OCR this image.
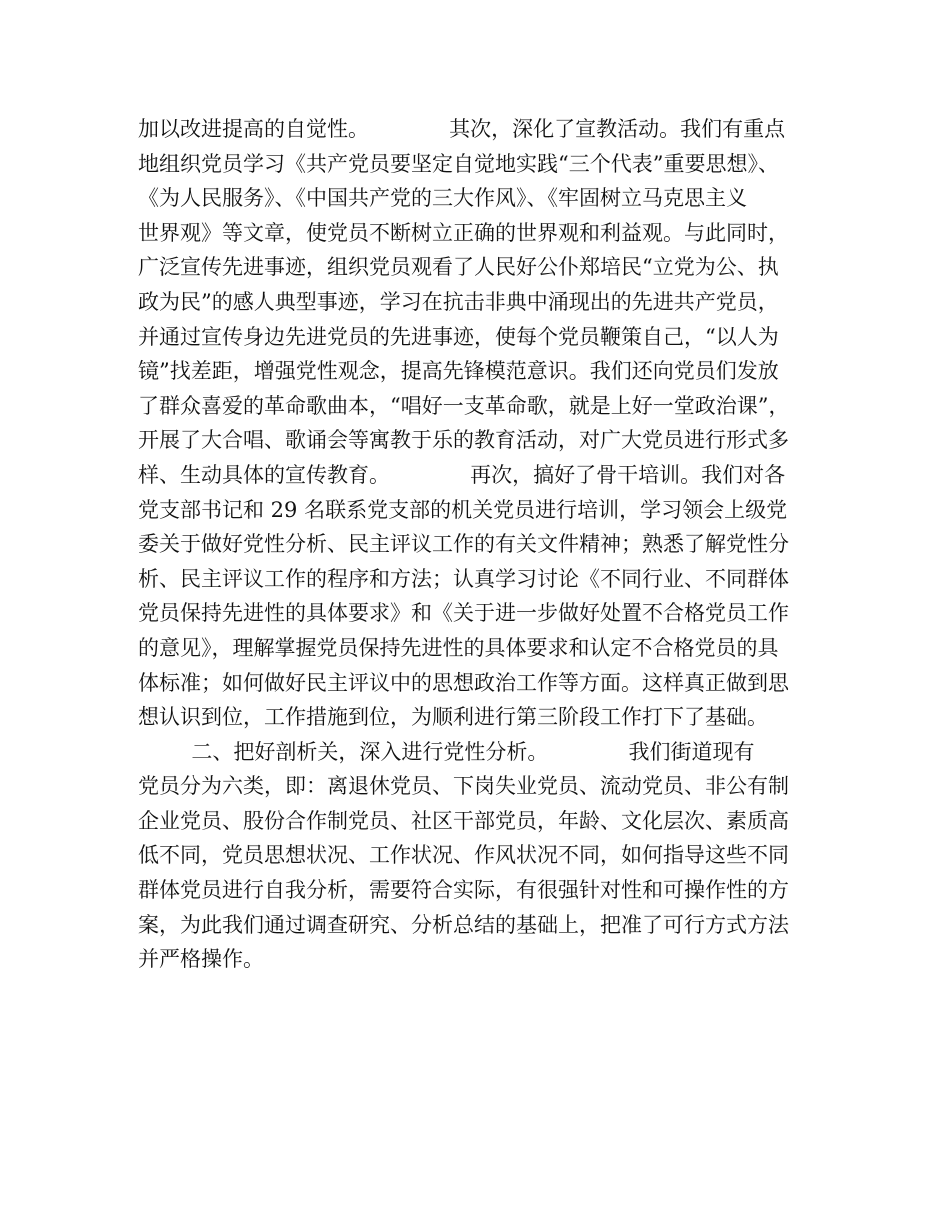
加以改进提高的自觉性。            其次，深化了宣教活动。我们有重点
地组织党员学习《共产党员要坚定自觉地实践“三个代表”重要思想》、
《为人民服务》、《中国共产党的三大作风》、《牢固树立马克思主义
世界观》等文章，使党员不断树立正确的世界观和利益观。与此同时，
广泛宣传先进事迹，组织党员观看了人民好公仆郑培民“立党为公、执
政为民”的感人典型事迹，学习在抗击非典中涌现出的先进共产党员，
并通过宣传身边先进党员的先进事迹，使每个党员鞭策自己，“以人为
镜”找差距，增强党性观念，提高先锋模范意识。我们还向党员们发放
了群众喜爱的革命歌曲本，“唱好一支革命歌，就是上好一堂政治课”，
开展了大合唱、歌诵会等寓教于乐的教育活动，对广大党员进行形式多
样、生动具体的宣传教育。            再次，搞好了骨干培训。我们对各
党支部书记和 29 名联系党支部的机关党员进行培训，学习领会上级党
委关于做好党性分析、民主评议工作的有关文件精神；熟悉了解党性分
析、民主评议工作的程序和方法；认真学习讨论《不同行业、不同群体
党员保持先进性的具体要求》和《关于进一步做好处置不合格党员工作
的意见》，理解掌握党员保持先进性的具体要求和认定不合格党员的具
体标准；如何做好民主评议中的思想政治工作等方面。这样真正做到思
想认识到位，工作措施到位，为顺利进行第三阶段工作打下了基础。
二、把好剖析关，深入进行党性分析。            我们街道现有
党员分为六类，即：离退休党员、下岗失业党员、流动党员、非公有制
企业党员、股份合作制党员、社区干部党员，年龄、文化层次、素质高
低不同，党员思想状况、工作状况、作风状况不同，如何指导这些不同
群体党员进行自我分析，需要符合实际，有很强针对性和可操作性的方
案，为此我们通过调查研究、分析总结的基础上，把准了可行方式方法
并严格操作。
